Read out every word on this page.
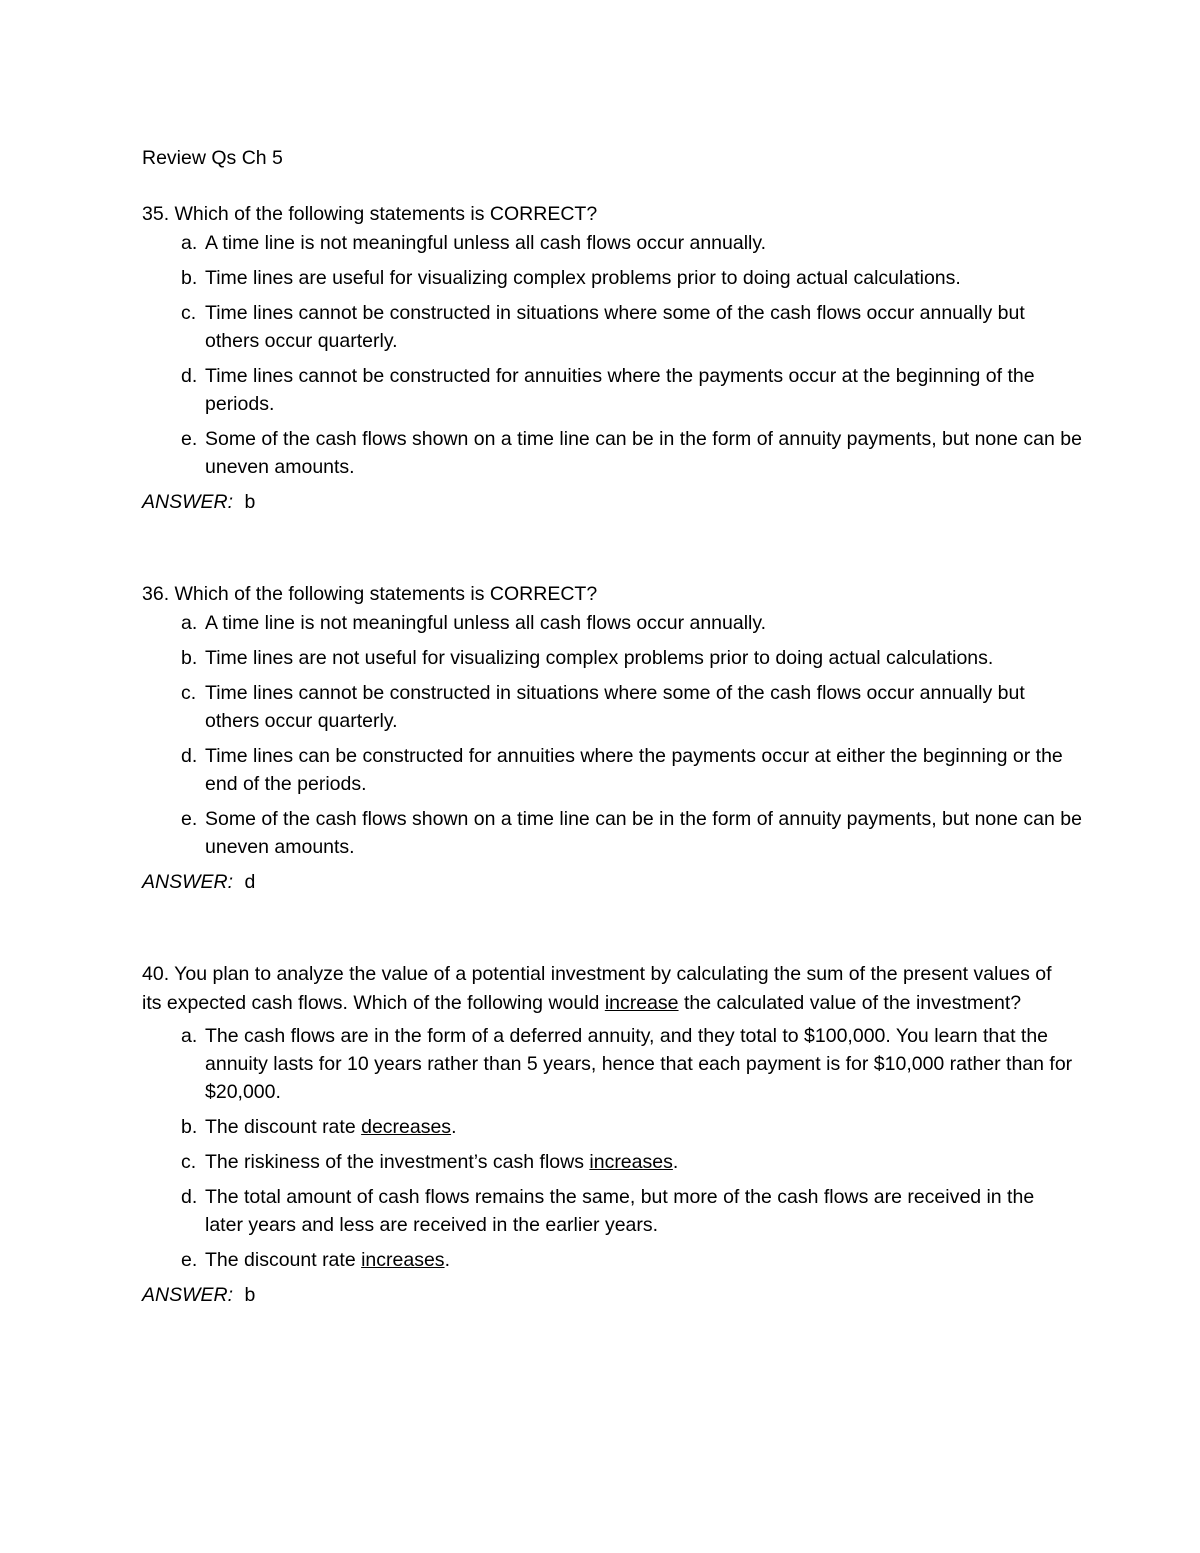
Review Qs Ch 5

35. Which of the following statements is CORRECT?

a. A time line is not meaningful unless all cash flows occur annually.
b. Time lines are useful for visualizing complex problems prior to doing actual calculations.
c. Time lines cannot be constructed in situations where some of the cash flows occur annually but others occur quarterly.
d. Time lines cannot be constructed for annuities where the payments occur at the beginning of the periods.
e. Some of the cash flows shown on a time line can be in the form of annuity payments, but none can be uneven amounts.
ANSWER: b

36. Which of the following statements is CORRECT?

a. A time line is not meaningful unless all cash flows occur annually.
b. Time lines are not useful for visualizing complex problems prior to doing actual calculations.
c. Time lines cannot be constructed in situations where some of the cash flows occur annually but others occur quarterly.
d. Time lines can be constructed for annuities where the payments occur at either the beginning or the end of the periods.
e. Some of the cash flows shown on a time line can be in the form of annuity payments, but none can be uneven amounts.
ANSWER: d

40. You plan to analyze the value of a potential investment by calculating the sum of the present values of its expected cash flows. Which of the following would increase the calculated value of the investment?

a. The cash flows are in the form of a deferred annuity, and they total to $100,000. You learn that the annuity lasts for 10 years rather than 5 years, hence that each payment is for $10,000 rather than for $20,000.
b. The discount rate decreases.
c. The riskiness of the investment’s cash flows increases.
d. The total amount of cash flows remains the same, but more of the cash flows are received in the later years and less are received in the earlier years.
e. The discount rate increases.
ANSWER: b
